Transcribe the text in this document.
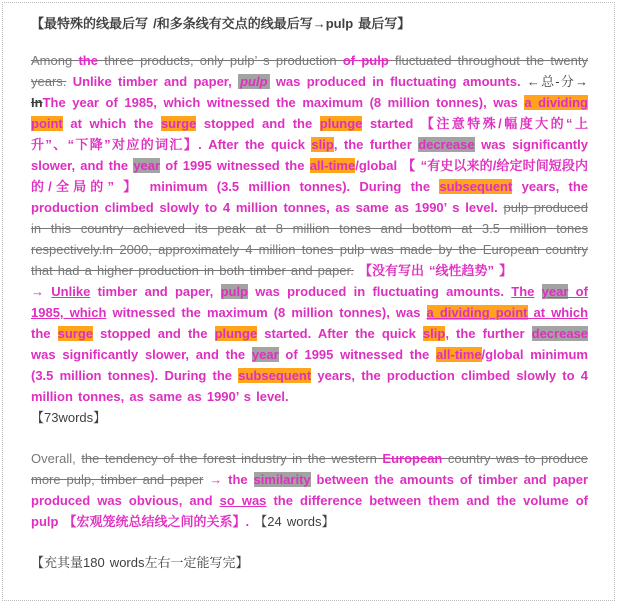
【最特殊的线最后写 /和多条线有交点的线最后写→pulp 最后写】
Among the three products, only pulp’ s production of pulp fluctuated throughout the twenty years. Unlike timber and paper, pulp was produced in fluctuating amounts. ←总-分→ InThe year of 1985, which witnessed the maximum (8 million tonnes), was a dividing point at which the surge stopped and the plunge started 【注意特殊/幅度大的“上升”、“下降”对应的词汇】. After the quick slip, the further decrease was significantly slower, and the year of 1995 witnessed the all-time/global 【 “有史以来的/给定时间短段内的/全局的” 】 minimum (3.5 million tonnes). During the subsequent years, the production climbed slowly to 4 million tonnes, as same as 1990’ s level. pulp produced in this country achieved its peak at 8 million tones and bottom at 3.5 million tones respectively.In 2000, approximately 4 million tones pulp was made by the European country that had a higher production in both timber and paper. 【没有写出 “线性趋势” 】
→ Unlike timber and paper, pulp was produced in fluctuating amounts. The year of 1985, which witnessed the maximum (8 million tonnes), was a dividing point at which the surge stopped and the plunge started. After the quick slip, the further decrease was significantly slower, and the year of 1995 witnessed the all-time/global minimum (3.5 million tonnes). During the subsequent years, the production climbed slowly to 4 million tonnes, as same as 1990’ s level.
【73words】
Overall, the tendency of the forest industry in the western European country was to produce more pulp, timber and paper → the similarity between the amounts of timber and paper produced was obvious, and so was the difference between them and the volume of pulp 【宏观笼统总结线之间的关系】. 【24 words】
【充其量180 words左右一定能写完】
